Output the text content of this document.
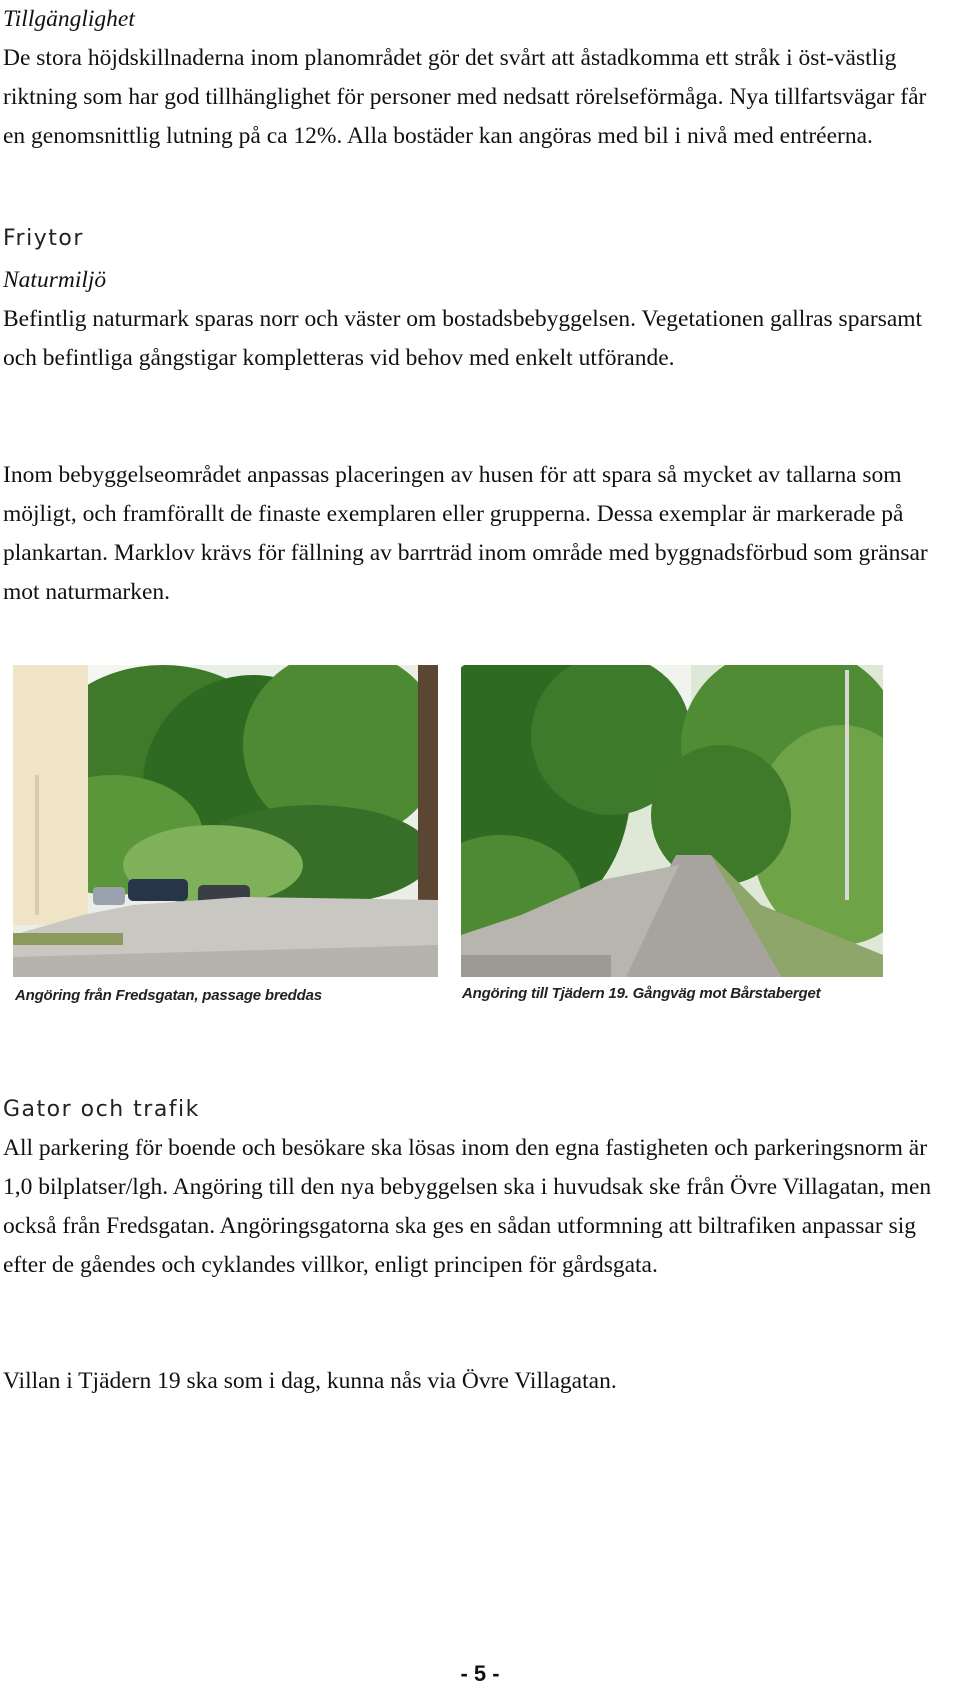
Tillgänglighet

De stora höjdskillnaderna inom planområdet gör det svårt att åstadkomma ett stråk i öst-västlig riktning som har god tillhänglighet för personer med nedsatt rörelseförmåga. Nya tillfartsvägar får en genomsnittlig lutning på ca 12%. Alla bostäder kan angöras med bil i nivå med entréerna.

Friytor

Naturmiljö

Befintlig naturmark sparas norr och väster om bostadsbebyggelsen. Vegetationen gallras sparsamt och befintliga gångstigar kompletteras vid behov med enkelt utförande.

Inom bebyggelseområdet anpassas placeringen av husen för att spara så mycket av tallarna som möjligt, och framförallt de finaste exemplaren eller grupperna. Dessa exemplar är markerade på plankartan. Marklov krävs för fällning av barrträd inom område med byggnadsförbud som gränsar mot naturmarken.

Angöring från Fredsgatan, passage breddas	Angöring till Tjädern 19. Gångväg mot Bårstaberget

Gator och trafik

All parkering för boende och besökare ska lösas inom den egna fastigheten och parkeringsnorm är 1,0 bilplatser/lgh. Angöring till den nya bebyggelsen ska i huvudsak ske från Övre Villagatan, men också från Fredsgatan. Angöringsgatorna ska ges en sådan utformning att biltrafiken anpassar sig efter de gåendes och cyklandes villkor, enligt principen för gårdsgata.

Villan i Tjädern 19 ska som i dag, kunna nås via Övre Villagatan.

- 5 -
